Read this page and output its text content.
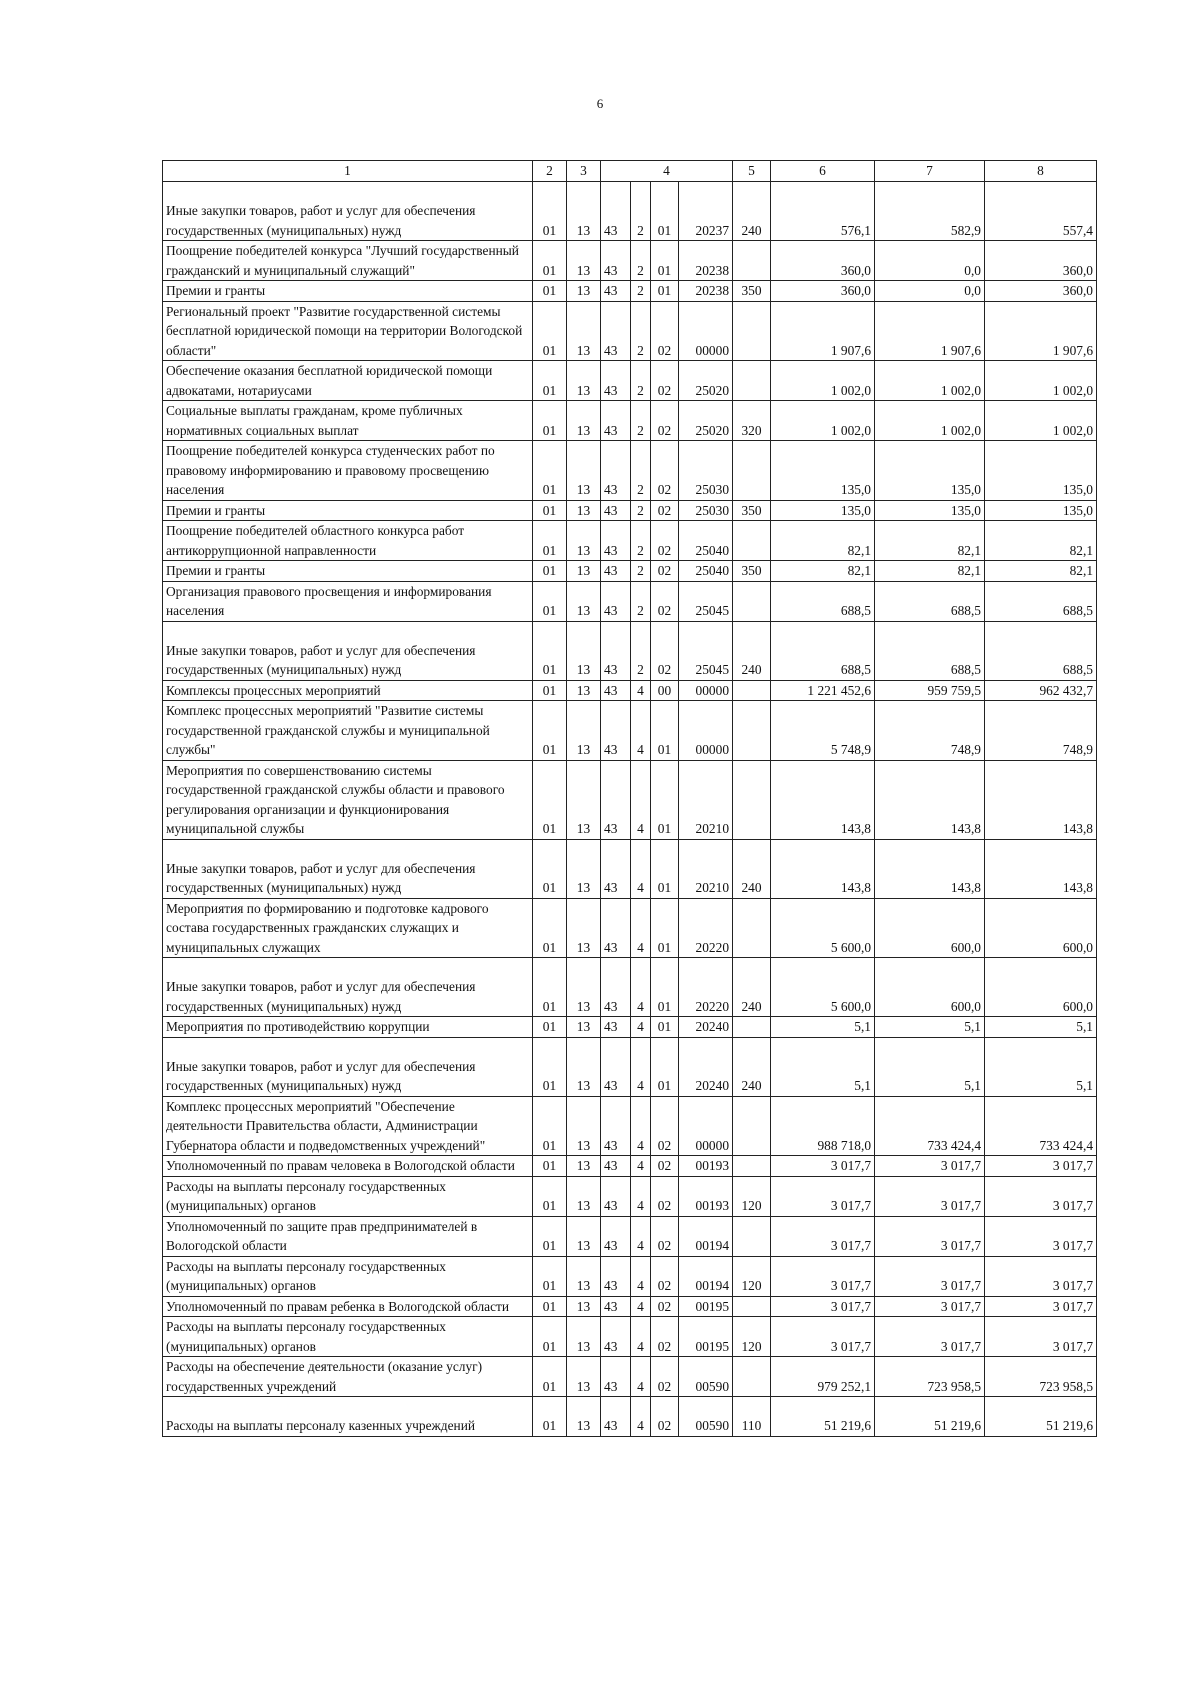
6
1	2	3	4				5	6	7	8
Иные закупки товаров, работ и услуг для обеспечения государственных (муниципальных) нужд	01	13	43	2	01	20237	240	576,1	582,9	557,4
Поощрение победителей конкурса "Лучший государственный гражданский и муниципальный служащий"	01	13	43	2	01	20238		360,0	0,0	360,0
Премии и гранты	01	13	43	2	01	20238	350	360,0	0,0	360,0
Региональный проект "Развитие государственной системы бесплатной юридической помощи на территории Вологодской области"	01	13	43	2	02	00000		1 907,6	1 907,6	1 907,6
Обеспечение оказания бесплатной юридической помощи адвокатами, нотариусами	01	13	43	2	02	25020		1 002,0	1 002,0	1 002,0
Социальные выплаты гражданам, кроме публичных нормативных социальных выплат	01	13	43	2	02	25020	320	1 002,0	1 002,0	1 002,0
Поощрение победителей конкурса студенческих работ по правовому информированию и правовому просвещению населения	01	13	43	2	02	25030		135,0	135,0	135,0
Премии и гранты	01	13	43	2	02	25030	350	135,0	135,0	135,0
Поощрение победителей областного конкурса работ антикоррупционной направленности	01	13	43	2	02	25040		82,1	82,1	82,1
Премии и гранты	01	13	43	2	02	25040	350	82,1	82,1	82,1
Организация правового просвещения и информирования населения	01	13	43	2	02	25045		688,5	688,5	688,5
Иные закупки товаров, работ и услуг для обеспечения государственных (муниципальных) нужд	01	13	43	2	02	25045	240	688,5	688,5	688,5
Комплексы процессных мероприятий	01	13	43	4	00	00000		1 221 452,6	959 759,5	962 432,7
Комплекс процессных мероприятий "Развитие системы государственной гражданской службы и муниципальной службы"	01	13	43	4	01	00000		5 748,9	748,9	748,9
Мероприятия по совершенствованию системы государственной гражданской службы области и правового регулирования организации и функционирования муниципальной службы	01	13	43	4	01	20210		143,8	143,8	143,8
Иные закупки товаров, работ и услуг для обеспечения государственных (муниципальных) нужд	01	13	43	4	01	20210	240	143,8	143,8	143,8
Мероприятия по формированию и подготовке кадрового состава государственных гражданских служащих и муниципальных служащих	01	13	43	4	01	20220		5 600,0	600,0	600,0
Иные закупки товаров, работ и услуг для обеспечения государственных (муниципальных) нужд	01	13	43	4	01	20220	240	5 600,0	600,0	600,0
Мероприятия по противодействию коррупции	01	13	43	4	01	20240		5,1	5,1	5,1
Иные закупки товаров, работ и услуг для обеспечения государственных (муниципальных) нужд	01	13	43	4	01	20240	240	5,1	5,1	5,1
Комплекс процессных мероприятий "Обеспечение деятельности Правительства области, Администрации Губернатора области и подведомственных учреждений"	01	13	43	4	02	00000		988 718,0	733 424,4	733 424,4
Уполномоченный по правам человека в Вологодской области	01	13	43	4	02	00193		3 017,7	3 017,7	3 017,7
Расходы на выплаты персоналу государственных (муниципальных) органов	01	13	43	4	02	00193	120	3 017,7	3 017,7	3 017,7
Уполномоченный по защите прав предпринимателей в Вологодской области	01	13	43	4	02	00194		3 017,7	3 017,7	3 017,7
Расходы на выплаты персоналу государственных (муниципальных) органов	01	13	43	4	02	00194	120	3 017,7	3 017,7	3 017,7
Уполномоченный по правам ребенка в Вологодской области	01	13	43	4	02	00195		3 017,7	3 017,7	3 017,7
Расходы на выплаты персоналу государственных (муниципальных) органов	01	13	43	4	02	00195	120	3 017,7	3 017,7	3 017,7
Расходы на обеспечение деятельности (оказание услуг) государственных учреждений	01	13	43	4	02	00590		979 252,1	723 958,5	723 958,5
Расходы на выплаты персоналу казенных учреждений	01	13	43	4	02	00590	110	51 219,6	51 219,6	51 219,6
